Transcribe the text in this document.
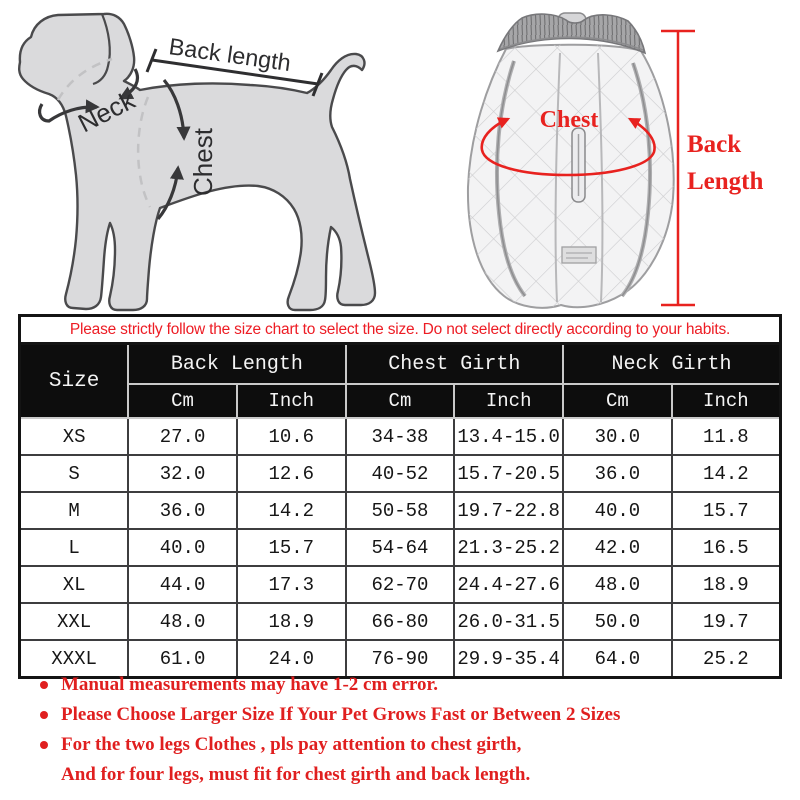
Back length
Neck
Chest
Chest
Back
Length
Please strictly follow the size chart to select the size. Do not select directly according to your habits.
Size	Back Length		Chest Girth		Neck Girth	
	Cm	Inch	Cm	Inch	Cm	Inch
XS	27.0	10.6	34-38	13.4-15.0	30.0	11.8
S	32.0	12.6	40-52	15.7-20.5	36.0	14.2
M	36.0	14.2	50-58	19.7-22.8	40.0	15.7
L	40.0	15.7	54-64	21.3-25.2	42.0	16.5
XL	44.0	17.3	62-70	24.4-27.6	48.0	18.9
XXL	48.0	18.9	66-80	26.0-31.5	50.0	19.7
XXXL	61.0	24.0	76-90	29.9-35.4	64.0	25.2
Manual measurements may have 1-2 cm error.
Please Choose Larger Size If Your Pet Grows Fast or Between 2 Sizes
For the two legs Clothes , pls pay attention to chest girth,
And for four legs, must fit for chest girth and back length.
